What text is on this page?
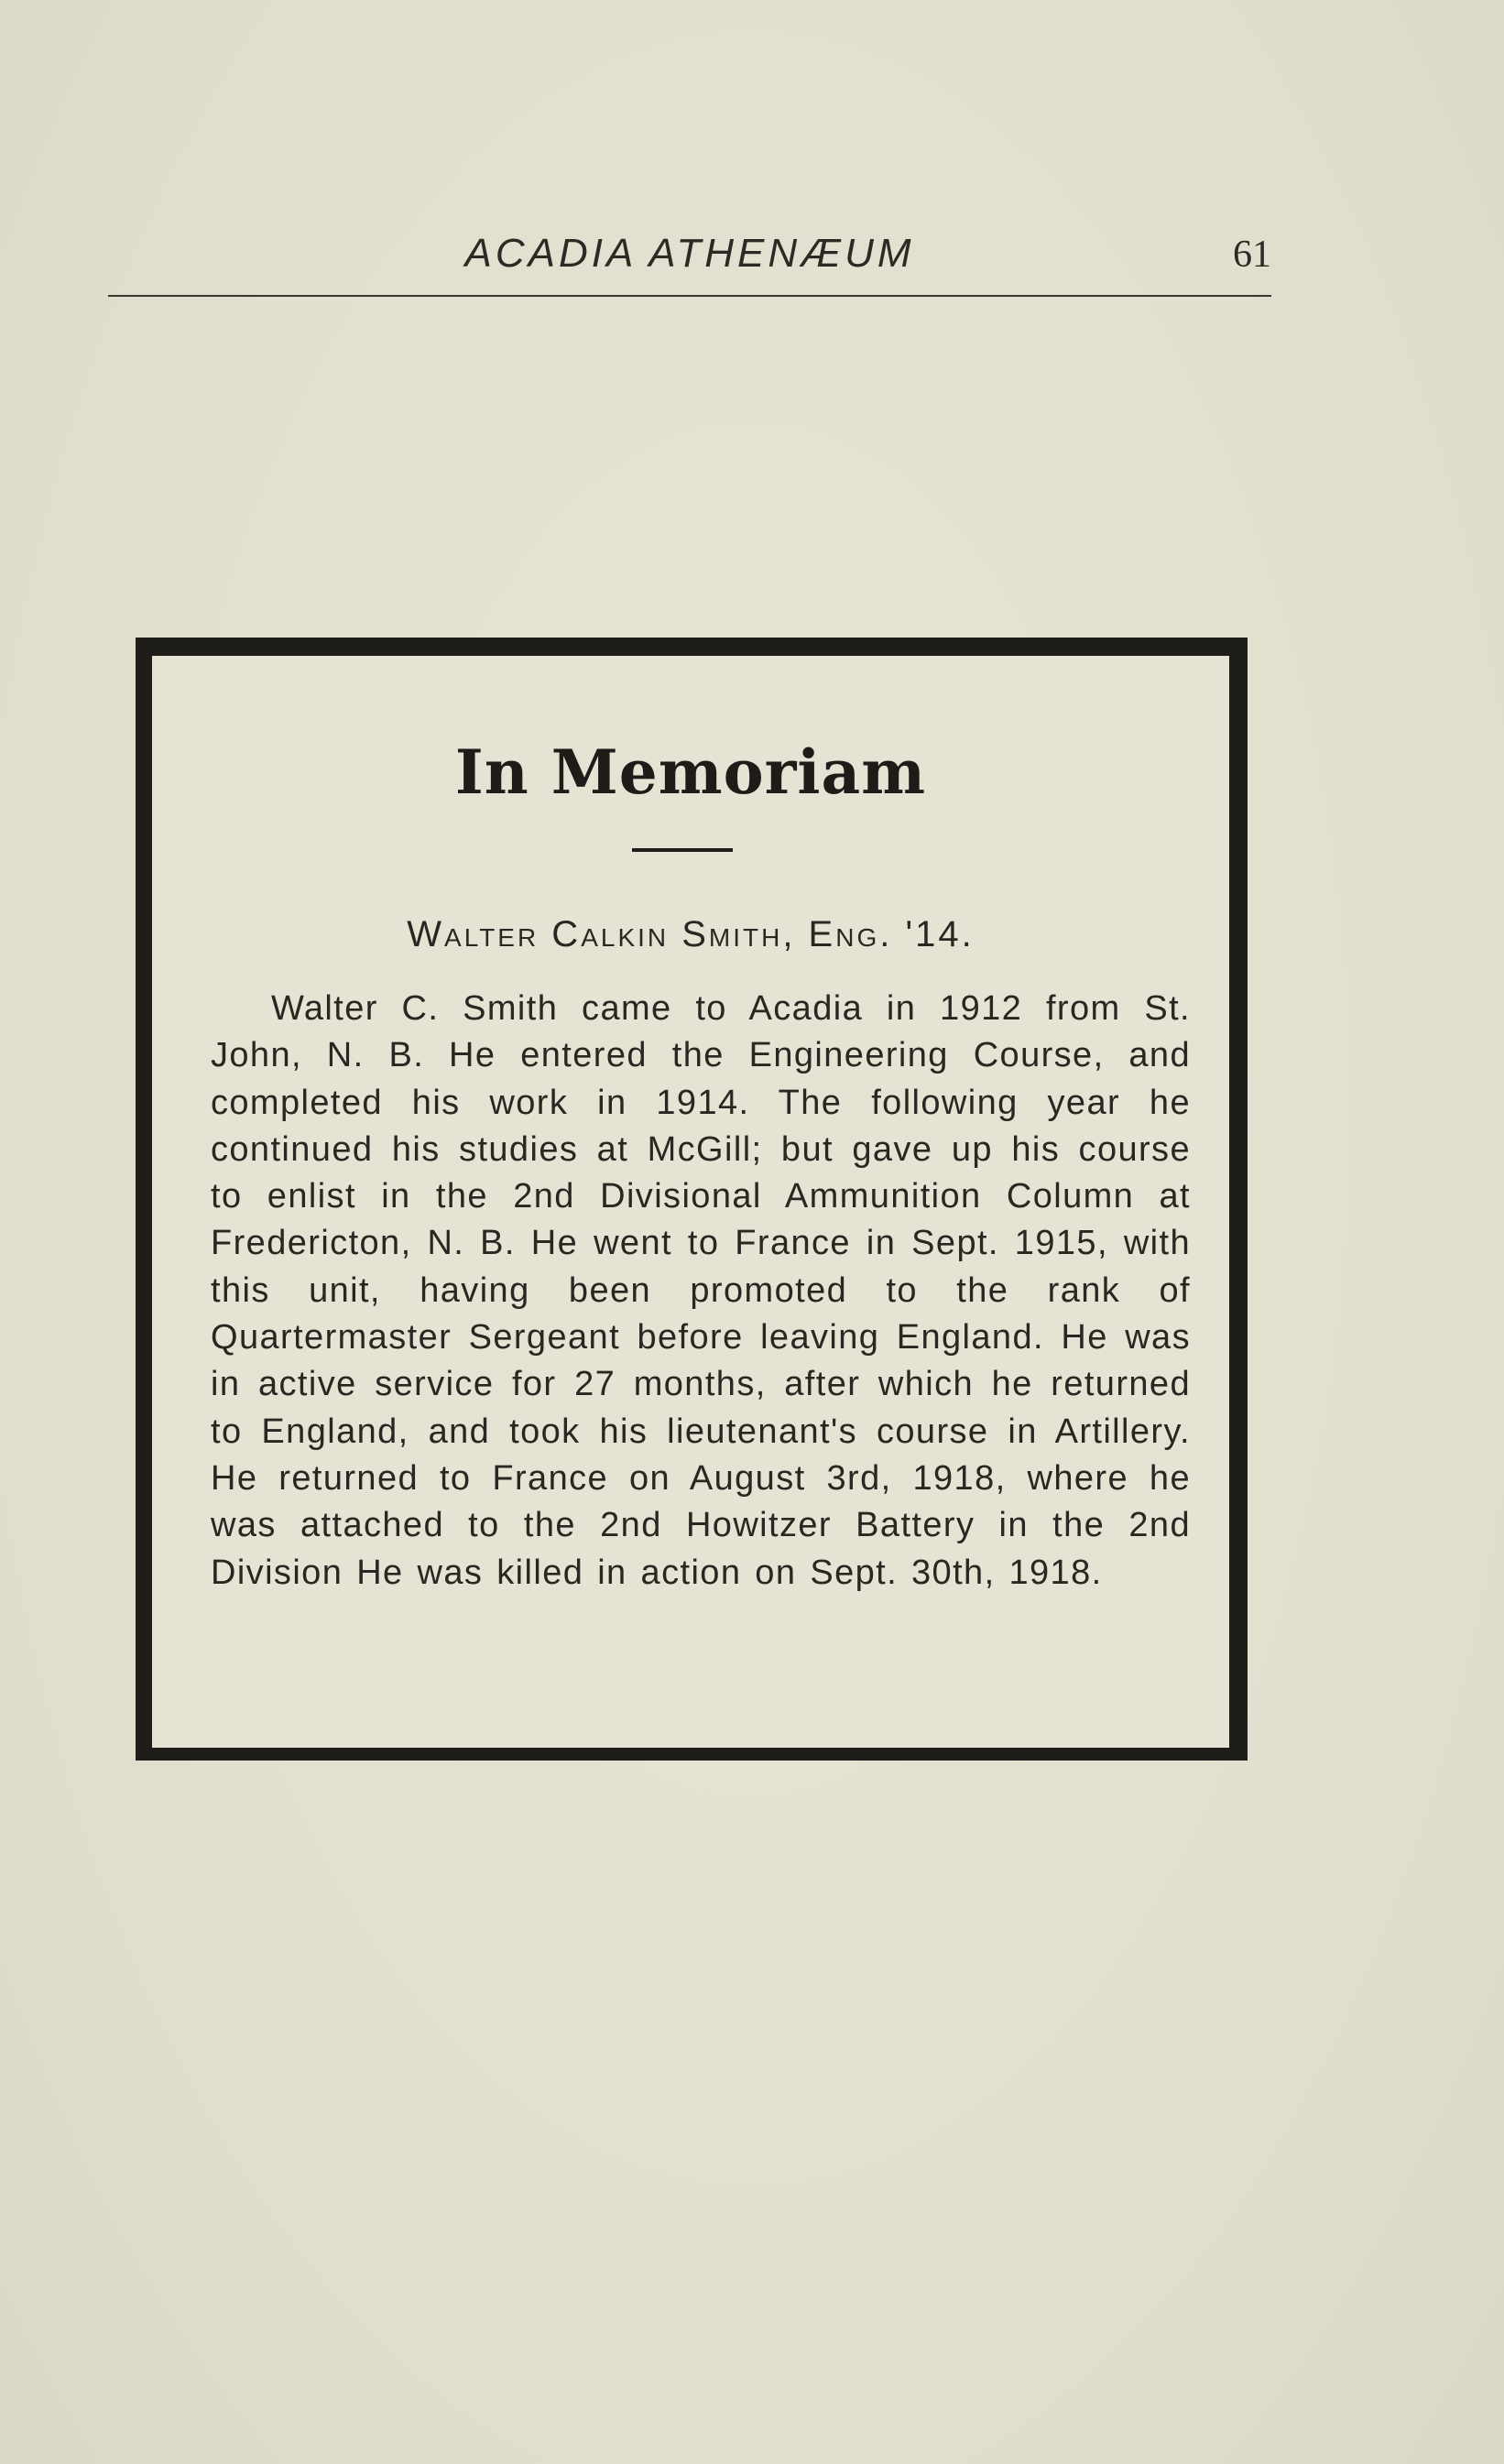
ACADIA ATHENÆUM	61
In Memoriam
Walter Calkin Smith, Eng. '14.

Walter C. Smith came to Acadia in 1912 from St. John, N. B. He entered the Engineering Course, and completed his work in 1914. The following year he continued his studies at McGill; but gave up his course to enlist in the 2nd Divisional Ammunition Column at Fredericton, N. B. He went to France in Sept. 1915, with this unit, having been promoted to the rank of Quartermaster Sergeant before leaving England. He was in active service for 27 months, after which he returned to England, and took his lieutenant's course in Artillery. He returned to France on August 3rd, 1918, where he was attached to the 2nd Howitzer Battery in the 2nd Division He was killed in action on Sept. 30th, 1918.
